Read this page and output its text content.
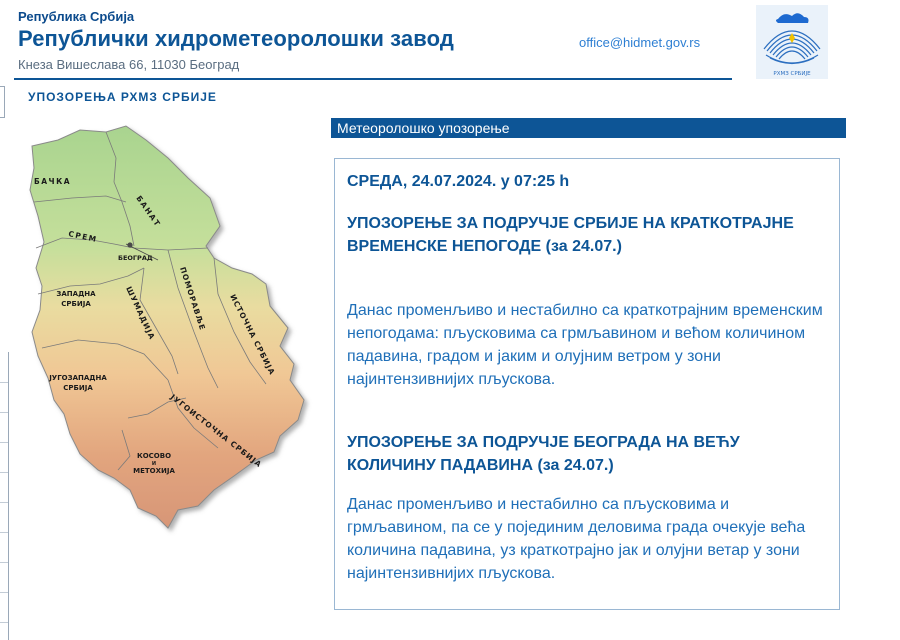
Република Србија
Републички хидрометеоролошки завод
Кнеза Вишеслава 66, 11030 Београд
office@hidmet.gov.rs
РХМЗ СРБИЈЕ
УПОЗОРЕЊА РХМЗ СРБИЈЕ
БАЧКА
БАНАТ
СРЕМ
БЕОГРАД
ЗАПАДНА СРБИЈА	ШУМАДИЈА	ПОМОРАВЉЕ	ИСТОЧНА СРБИЈА
ЈУГОЗАПАДНА СРБИЈА
ЈУГОИСТОЧНА СРБИЈА
КОСОВО И МЕТОХИЈА
Метеоролошко упозорење
СРЕДА, 24.07.2024. у 07:25 h
УПОЗОРЕЊЕ ЗА ПОДРУЧЈЕ СРБИЈЕ НА КРАТКОТРАЈНЕ ВРЕМЕНСКЕ НЕПОГОДЕ (за 24.07.)
Данас променљиво и нестабилно са краткотрајним временским непогодама: пљусковима са грмљавином и већом количином падавина, градом и јаким и олујним ветром у зони најинтензивнијих пљускова.
УПОЗОРЕЊЕ ЗА ПОДРУЧЈЕ БЕОГРАДА НА ВЕЋУ КОЛИЧИНУ ПАДАВИНА (за 24.07.)
Данас променљиво и нестабилно са пљусковима и грмљавином, па се у појединим деловима града очекује већа количина падавина, уз краткотрајно јак и олујни ветар у зони најинтензивнијих пљускова.
